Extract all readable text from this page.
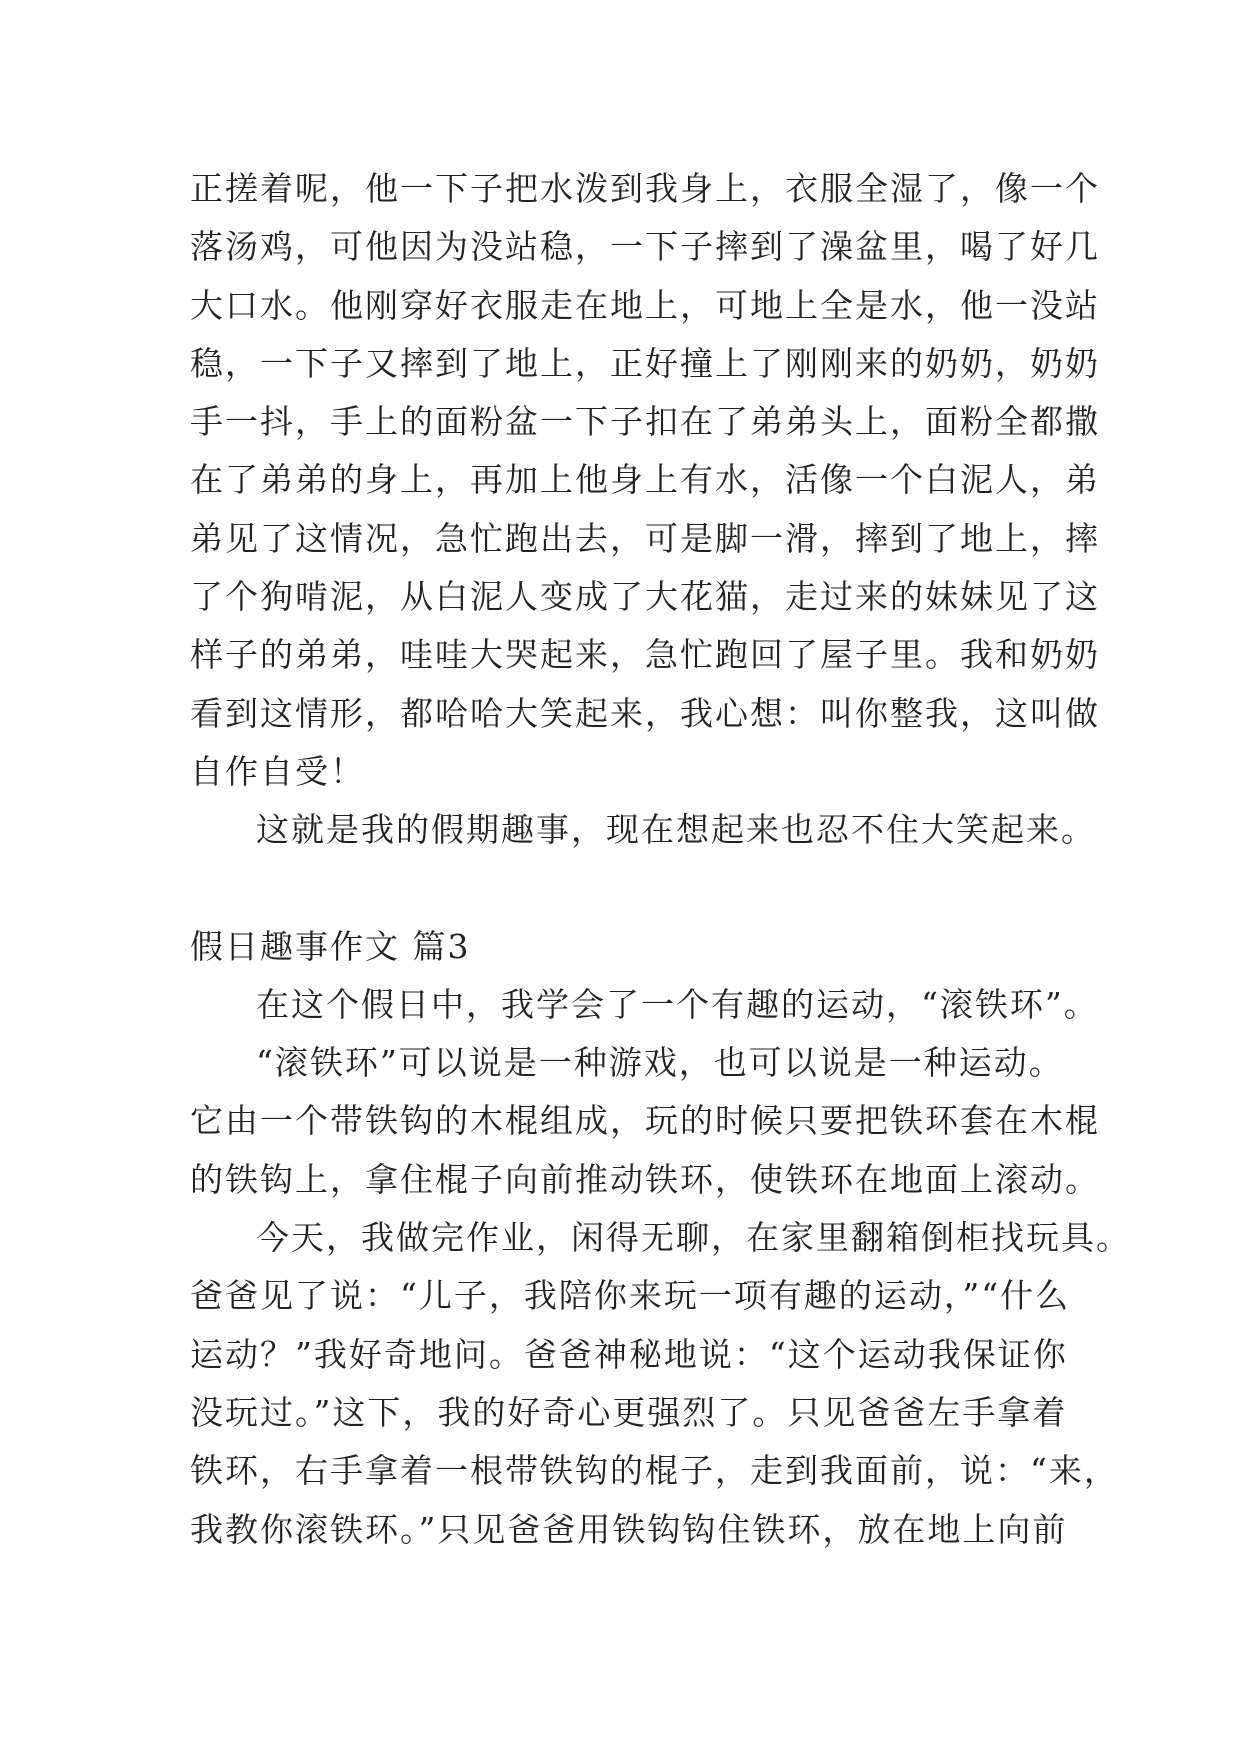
正搓着呢，他一下子把水泼到我身上，衣服全湿了，像一个
落汤鸡，可他因为没站稳，一下子摔到了澡盆里，喝了好几
大口水。他刚穿好衣服走在地上，可地上全是水，他一没站
稳，一下子又摔到了地上，正好撞上了刚刚来的奶奶，奶奶
手一抖，手上的面粉盆一下子扣在了弟弟头上，面粉全都撒
在了弟弟的身上，再加上他身上有水，活像一个白泥人，弟
弟见了这情况，急忙跑出去，可是脚一滑，摔到了地上，摔
了个狗啃泥，从白泥人变成了大花猫，走过来的妹妹见了这
样子的弟弟，哇哇大哭起来，急忙跑回了屋子里。我和奶奶
看到这情形，都哈哈大笑起来，我心想：叫你整我，这叫做
自作自受！
这就是我的假期趣事，现在想起来也忍不住大笑起来。
假日趣事作文 篇3
在这个假日中，我学会了一个有趣的运动，“滚铁环”。
“滚铁环”可以说是一种游戏，也可以说是一种运动。
它由一个带铁钩的木棍组成，玩的时候只要把铁环套在木棍
的铁钩上，拿住棍子向前推动铁环，使铁环在地面上滚动。
今天，我做完作业，闲得无聊，在家里翻箱倒柜找玩具。
爸爸见了说：“儿子，我陪你来玩一项有趣的运动，”“什么
运动？”我好奇地问。爸爸神秘地说：“这个运动我保证你
没玩过。”这下，我的好奇心更强烈了。只见爸爸左手拿着
铁环，右手拿着一根带铁钩的棍子，走到我面前，说：“来，
我教你滚铁环。”只见爸爸用铁钩钩住铁环，放在地上向前
